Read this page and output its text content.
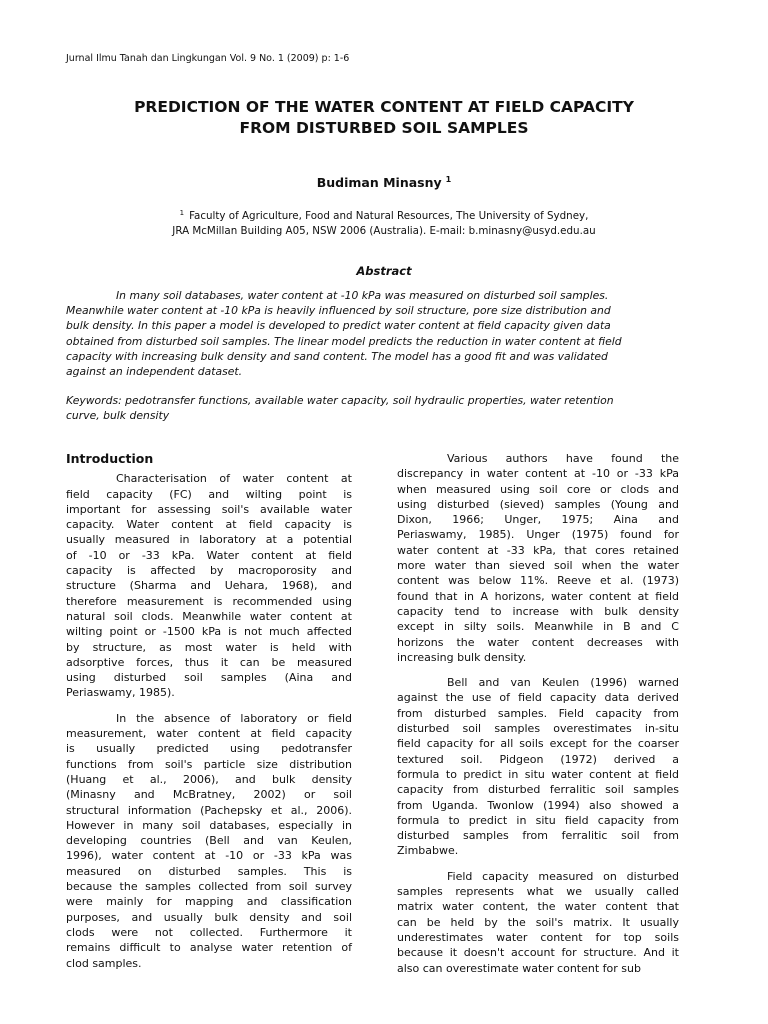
Jurnal Ilmu Tanah dan Lingkungan Vol. 9 No. 1 (2009) p: 1-6
PREDICTION OF THE WATER CONTENT AT FIELD CAPACITY
FROM DISTURBED SOIL SAMPLES
Budiman Minasny $^1$
$^1$ Faculty of Agriculture, Food and Natural Resources, The University of Sydney,
JRA McMillan Building A05, NSW 2006 (Australia). E-mail: b.minasny@usyd.edu.au
Abstract
In many soil databases, water content at -10 kPa was measured on disturbed soil samples.
Meanwhile water content at -10 kPa is heavily influenced by soil structure, pore size distribution and
bulk density. In this paper a model is developed to predict water content at field capacity given data
obtained from disturbed soil samples. The linear model predicts the reduction in water content at field
capacity with increasing bulk density and sand content. The model has a good fit and was validated
against an independent dataset.
Keywords: pedotransfer functions, available water capacity, soil hydraulic properties, water retention
curve, bulk density
Introduction
Characterisation of water content at
field capacity (FC) and wilting point is
important for assessing soil's available water
capacity. Water content at field capacity is
usually measured in laboratory at a potential
of -10 or -33 kPa. Water content at field
capacity is affected by macroporosity and
structure (Sharma and Uehara, 1968), and
therefore measurement is recommended using
natural soil clods. Meanwhile water content at
wilting point or -1500 kPa is not much affected
by structure, as most water is held with
adsorptive forces, thus it can be measured
using disturbed soil samples (Aina and
Periaswamy, 1985).
In the absence of laboratory or field
measurement, water content at field capacity
is usually predicted using pedotransfer
functions from soil's particle size distribution
(Huang et al., 2006), and bulk density
(Minasny and McBratney, 2002) or soil
structural information (Pachepsky et al., 2006).
However in many soil databases, especially in
developing countries (Bell and van Keulen,
1996), water content at -10 or -33 kPa was
measured on disturbed samples. This is
because the samples collected from soil survey
were mainly for mapping and classification
purposes, and usually bulk density and soil
clods were not collected. Furthermore it
remains difficult to analyse water retention of
clod samples.
Various authors have found the
discrepancy in water content at -10 or -33 kPa
when measured using soil core or clods and
using disturbed (sieved) samples (Young and
Dixon, 1966; Unger, 1975; Aina and
Periaswamy, 1985). Unger (1975) found for
water content at -33 kPa, that cores retained
more water than sieved soil when the water
content was below 11%. Reeve et al. (1973)
found that in A horizons, water content at field
capacity tend to increase with bulk density
except in silty soils. Meanwhile in B and C
horizons the water content decreases with
increasing bulk density.
Bell and van Keulen (1996) warned
against the use of field capacity data derived
from disturbed samples. Field capacity from
disturbed soil samples overestimates in-situ
field capacity for all soils except for the coarser
textured soil. Pidgeon (1972) derived a
formula to predict in situ water content at field
capacity from disturbed ferralitic soil samples
from Uganda. Twonlow (1994) also showed a
formula to predict in situ field capacity from
disturbed samples from ferralitic soil from
Zimbabwe.
Field capacity measured on disturbed
samples represents what we usually called
matrix water content, the water content that
can be held by the soil's matrix. It usually
underestimates water content for top soils
because it doesn't account for structure. And it
also can overestimate water content for sub
